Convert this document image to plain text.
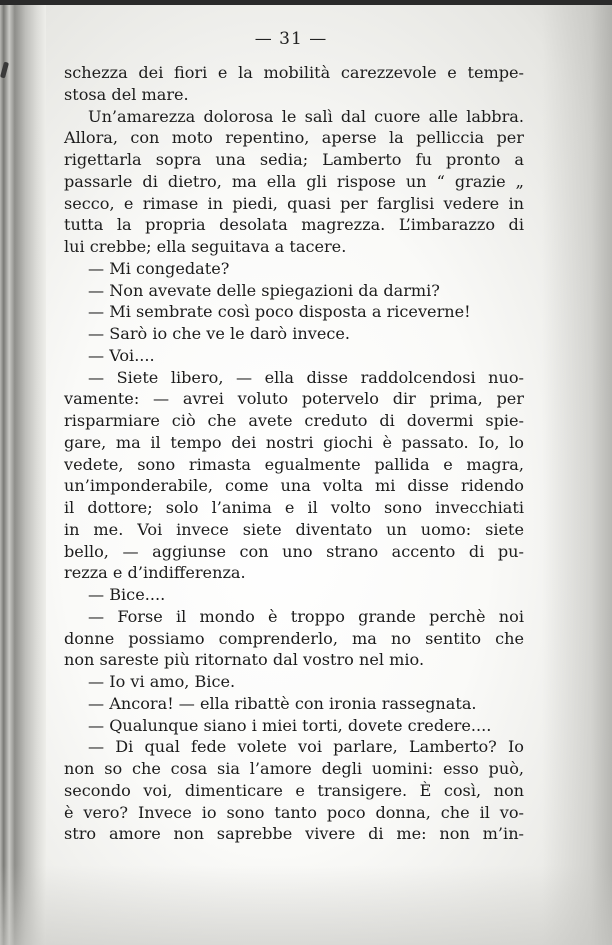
— 31 —
schezza dei fiori e la mobilità carezzevole e tempe-
stosa del mare.
Un’amarezza dolorosa le salì dal cuore alle labbra.
Allora, con moto repentino, aperse la pelliccia per
rigettarla sopra una sedia; Lamberto fu pronto a
passarle di dietro, ma ella gli rispose un “ grazie „
secco, e rimase in piedi, quasi per farglisi vedere in
tutta la propria desolata magrezza. L’imbarazzo di
lui crebbe; ella seguitava a tacere.
— Mi congedate?
— Non avevate delle spiegazioni da darmi?
— Mi sembrate così poco disposta a riceverne!
— Sarò io che ve le darò invece.
— Voi....
— Siete libero, — ella disse raddolcendosi nuo-
vamente: — avrei voluto potervelo dir prima, per
risparmiare ciò che avete creduto di dovermi spie-
gare, ma il tempo dei nostri giochi è passato. Io, lo
vedete, sono rimasta egualmente pallida e magra,
un’imponderabile, come una volta mi disse ridendo
il dottore; solo l’anima e il volto sono invecchiati
in me. Voi invece siete diventato un uomo: siete
bello, — aggiunse con uno strano accento di pu-
rezza e d’indifferenza.
— Bice....
— Forse il mondo è troppo grande perchè noi
donne possiamo comprenderlo, ma no sentito che
non sareste più ritornato dal vostro nel mio.
— Io vi amo, Bice.
— Ancora! — ella ribattè con ironia rassegnata.
— Qualunque siano i miei torti, dovete credere....
— Di qual fede volete voi parlare, Lamberto? Io
non so che cosa sia l’amore degli uomini: esso può,
secondo voi, dimenticare e transigere. È così, non
è vero? Invece io sono tanto poco donna, che il vo-
stro amore non saprebbe vivere di me: non m’in-
